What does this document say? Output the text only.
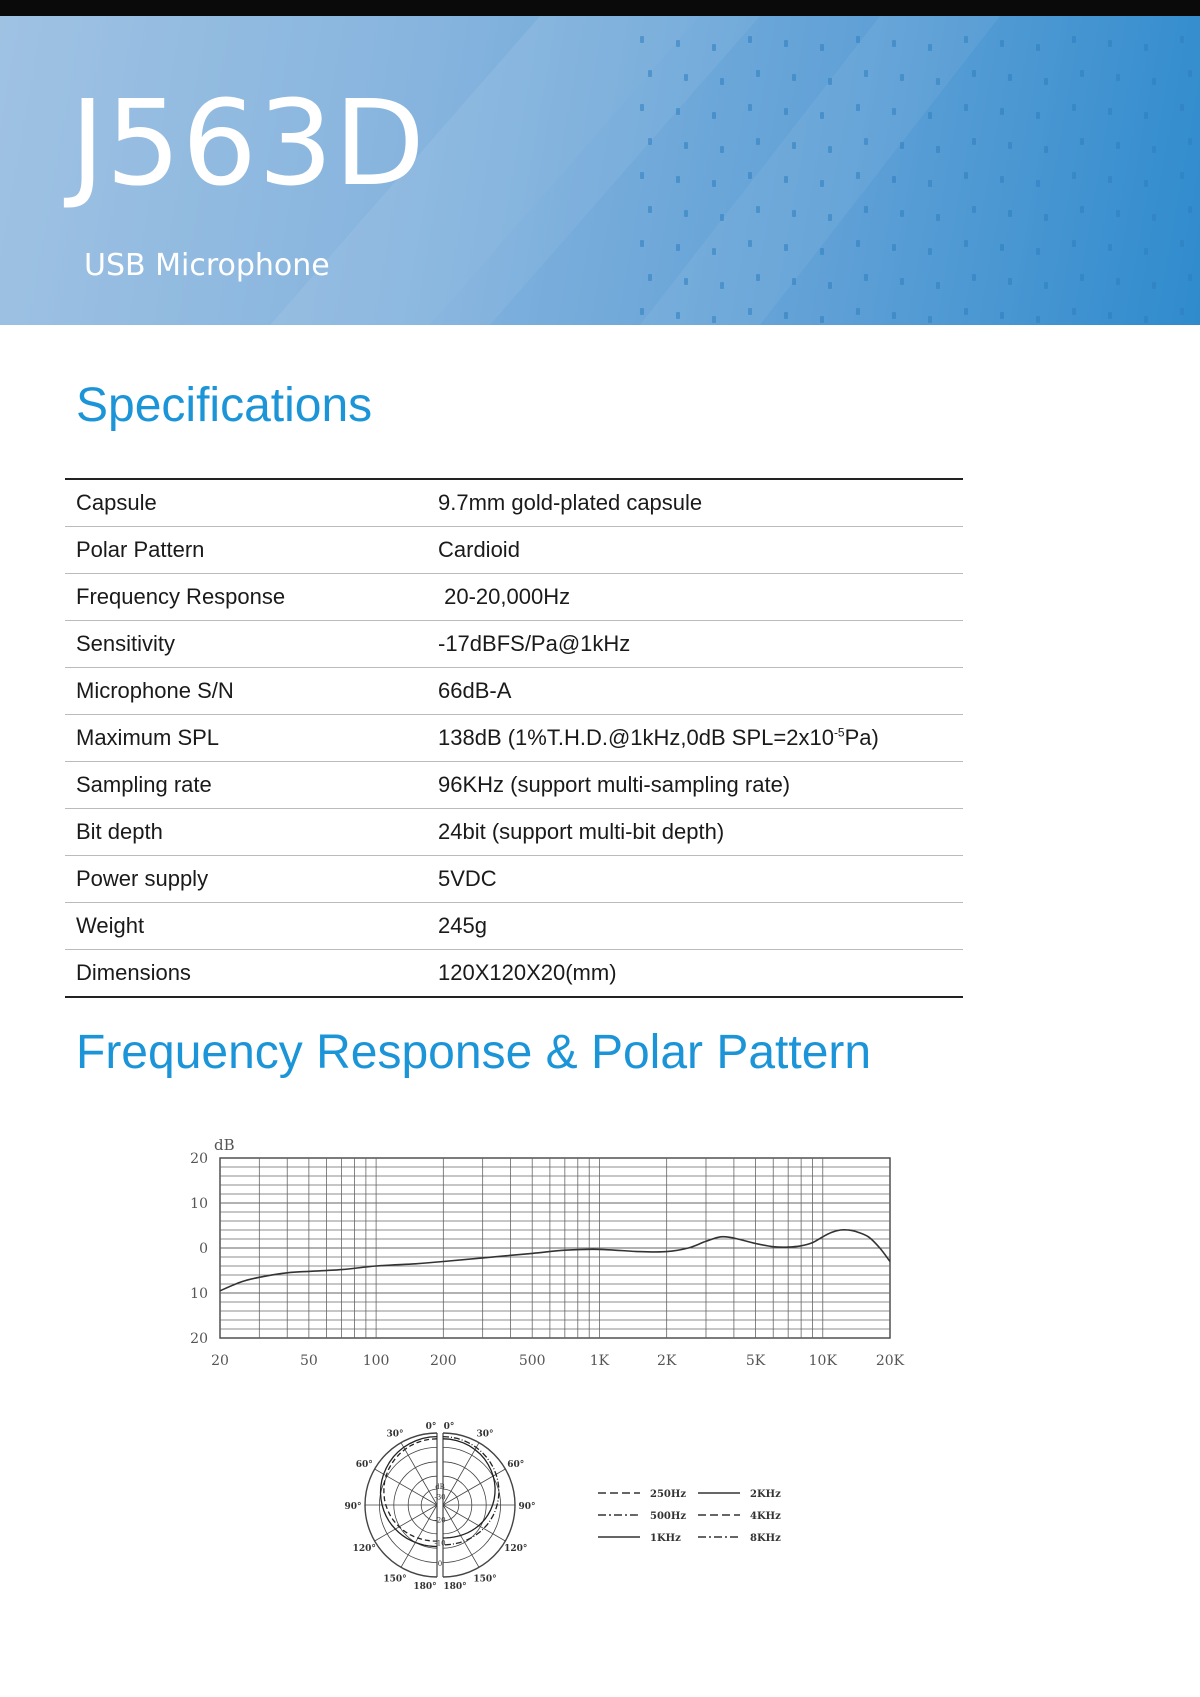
J563D
USB Microphone
Specifications
Capsule	9.7mm gold-plated capsule
Polar Pattern	Cardioid
Frequency Response	20-20,000Hz
Sensitivity	-17dBFS/Pa@1kHz
Microphone S/N	66dB-A
Maximum SPL	138dB (1%T.H.D.@1kHz,0dB $SPL=2x10^{-5}Pa$)
Sampling rate	96KHz (support multi-sampling rate)
Bit depth	24bit (support multi-bit depth)
Power supply	5VDC
Weight	245g
Dimensions	120X120X20(mm)
Frequency Response & Polar Pattern
dB
20
10
0
10
20
20	50	100	200	500	1K	2K	5K	10K	20K
0°
30°
60°
90°
120°
150°
180°
0°
30°
60°
90°
120°
150°
180°
dB
-30
-20
-10
0
250Hz
500Hz
1KHz
2KHz
4KHz
8KHz
